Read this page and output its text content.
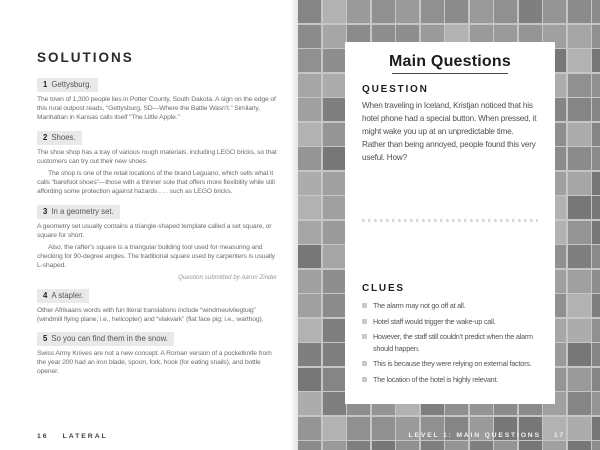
SOLUTIONS
1 Gettysburg.

The town of 1,300 people lies in Potter County, South Dakota. A sign on the edge of this rural outpost reads, “Gettysburg, SD—Where the Battle Wasn’t.” Similarly, Manhattan in Kansas calls itself “The Little Apple.”

2 Shoes.

The shoe shop has a tray of various rough materials, including LEGO bricks, so that customers can try out their new shoes.

The shop is one of the retail locations of the brand Leguano, which sells what it calls “barefoot shoes”—those with a thinner sole that offers more flexibility while still affording some protection against hazards . . . such as LEGO bricks.

3 In a geometry set.

A geometry set usually contains a triangle-shaped template called a set square, or square for short.

Also, the rafter’s square is a triangular building tool used for measuring and checking for 90-degree angles. The traditional square used by carpenters is usually L-shaped.

Question submitted by Aaron Zinder

4 A stapler.

Other Afrikaans words with fun literal translations include “windmeulvliegtuig” (windmill flying plane; i.e., helicopter) and “vlakvark” (flat face pig; i.e., warthog).

5 So you can find them in the snow.

Swiss Army Knives are not a new concept. A Roman version of a pocketknife from the year 200 had an iron blade, spoon, fork, hook (for eating snails), and bottle opener.

16 LATERAL
Main Questions
QUESTION

When traveling in Iceland, Kristjan noticed that his hotel phone had a special button. When pressed, it might wake you up at an unpredictable time. Rather than being annoyed, people found this very useful. How?

CLUES
The alarm may not go off at all.
Hotel staff would trigger the wake-up call.
However, the staff still couldn’t predict when the alarm should happen.
This is because they were relying on external factors.
The location of the hotel is highly relevant.
LEVEL 1: MAIN QUESTIONS 17
